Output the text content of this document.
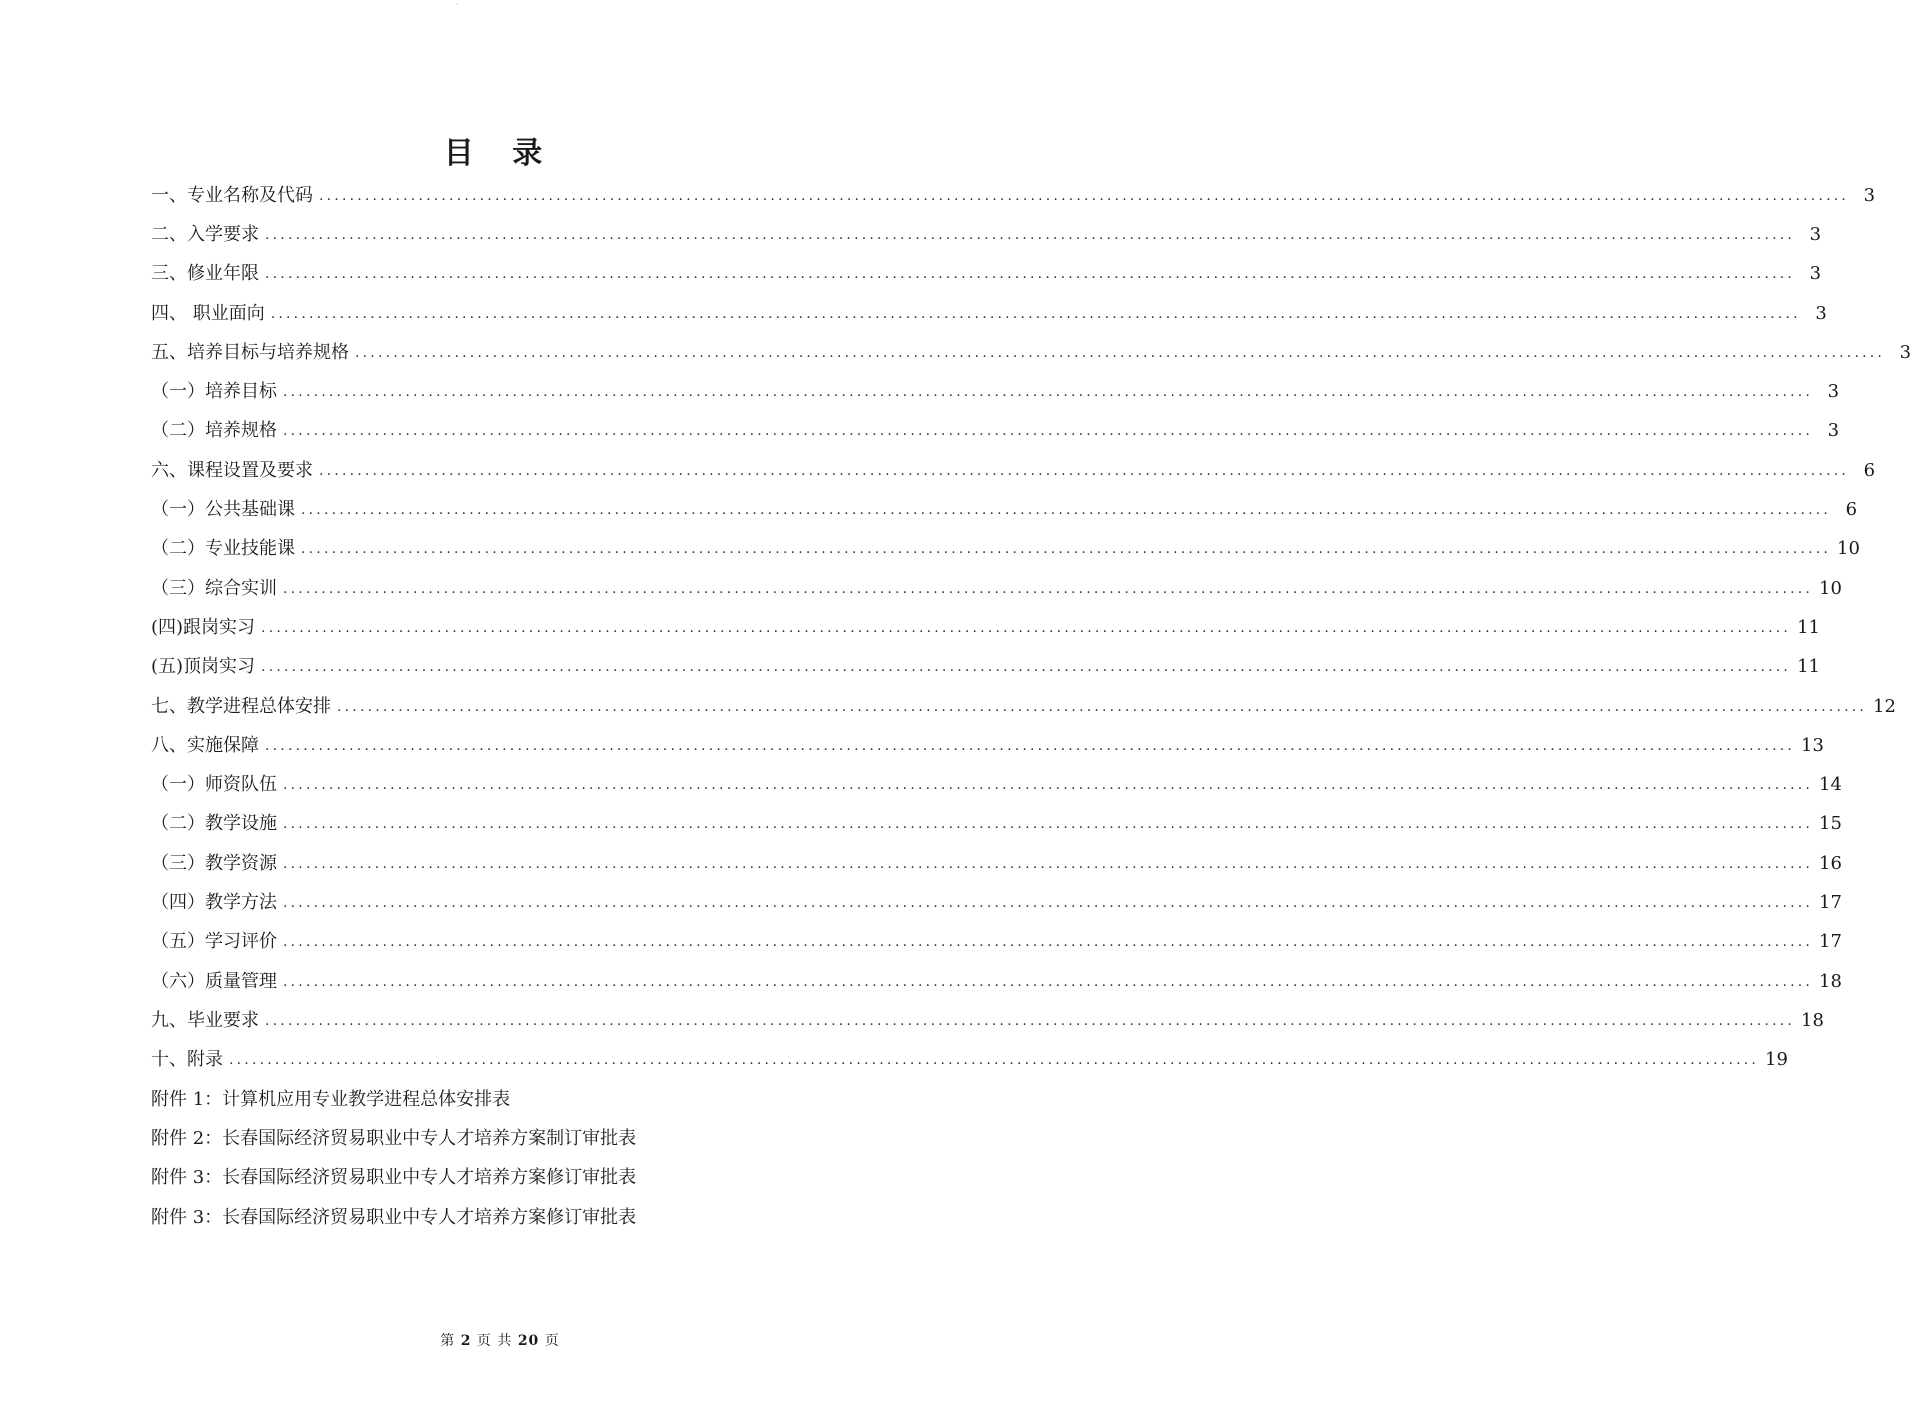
·
目 录
一、专业名称及代码 ........................................................................................................................................................................................................ 3
二、入学要求 ........................................................................................................................................................................................................ 3
三、修业年限 ........................................................................................................................................................................................................ 3
四、 职业面向 ........................................................................................................................................................................................................ 3
五、培养目标与培养规格 ........................................................................................................................................................................................................ 3
（一）培养目标 ........................................................................................................................................................................................................ 3
（二）培养规格 ........................................................................................................................................................................................................ 3
六、课程设置及要求 ........................................................................................................................................................................................................ 6
（一）公共基础课 ........................................................................................................................................................................................................ 6
（二）专业技能课 ........................................................................................................................................................................................................ 10
（三）综合实训 ........................................................................................................................................................................................................ 10
(四)跟岗实习 ........................................................................................................................................................................................................ 11
(五)顶岗实习 ........................................................................................................................................................................................................ 11
七、教学进程总体安排 ........................................................................................................................................................................................................ 12
八、实施保障 ........................................................................................................................................................................................................ 13
（一）师资队伍 ........................................................................................................................................................................................................ 14
（二）教学设施 ........................................................................................................................................................................................................ 15
（三）教学资源 ........................................................................................................................................................................................................ 16
（四）教学方法 ........................................................................................................................................................................................................ 17
（五）学习评价 ........................................................................................................................................................................................................ 17
（六）质量管理 ........................................................................................................................................................................................................ 18
九、毕业要求 ........................................................................................................................................................................................................ 18
十、附录 ........................................................................................................................................................................................................ 19
附件 1：计算机应用专业教学进程总体安排表
附件 2：长春国际经济贸易职业中专人才培养方案制订审批表
附件 3：长春国际经济贸易职业中专人才培养方案修订审批表
附件 3：长春国际经济贸易职业中专人才培养方案修订审批表
第 2 页 共 20 页
